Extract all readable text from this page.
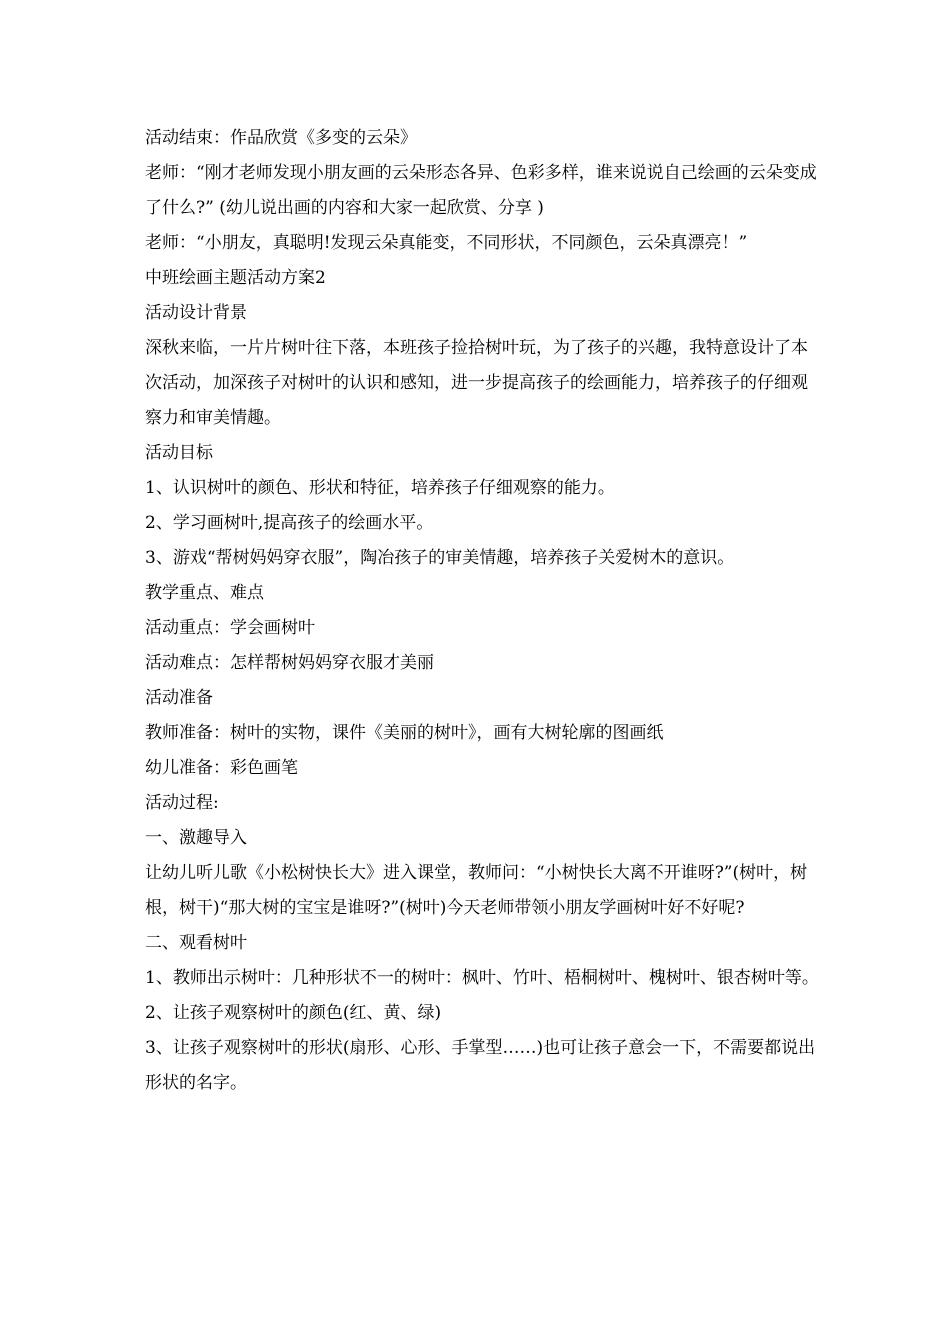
活动结束：作品欣赏《多变的云朵》

老师：“刚才老师发现小朋友画的云朵形态各异、色彩多样，谁来说说自己绘画的云朵变成了什么?” (幼儿说出画的内容和大家一起欣赏、分享 )

老师：“小朋友，真聪明!发现云朵真能变，不同形状，不同颜色，云朵真漂亮！”

中班绘画主题活动方案2

活动设计背景

深秋来临，一片片树叶往下落，本班孩子捡拾树叶玩，为了孩子的兴趣，我特意设计了本次活动，加深孩子对树叶的认识和感知，进一步提高孩子的绘画能力，培养孩子的仔细观察力和审美情趣。

活动目标

1、认识树叶的颜色、形状和特征，培养孩子仔细观察的能力。

2、学习画树叶,提高孩子的绘画水平。

3、游戏“帮树妈妈穿衣服”，陶冶孩子的审美情趣，培养孩子关爱树木的意识。

教学重点、难点

活动重点：学会画树叶

活动难点：怎样帮树妈妈穿衣服才美丽

活动准备

教师准备：树叶的实物，课件《美丽的树叶》，画有大树轮廓的图画纸

幼儿准备：彩色画笔

活动过程:

一、激趣导入

让幼儿听儿歌《小松树快长大》进入课堂，教师问：“小树快长大离不开谁呀?”(树叶，树根，树干)“那大树的宝宝是谁呀?”(树叶)今天老师带领小朋友学画树叶好不好呢?

二、观看树叶

1、教师出示树叶：几种形状不一的树叶：枫叶、竹叶、梧桐树叶、槐树叶、银杏树叶等。

2、让孩子观察树叶的颜色(红、黄、绿)

3、让孩子观察树叶的形状(扇形、心形、手掌型……)也可让孩子意会一下，不需要都说出形状的名字。
